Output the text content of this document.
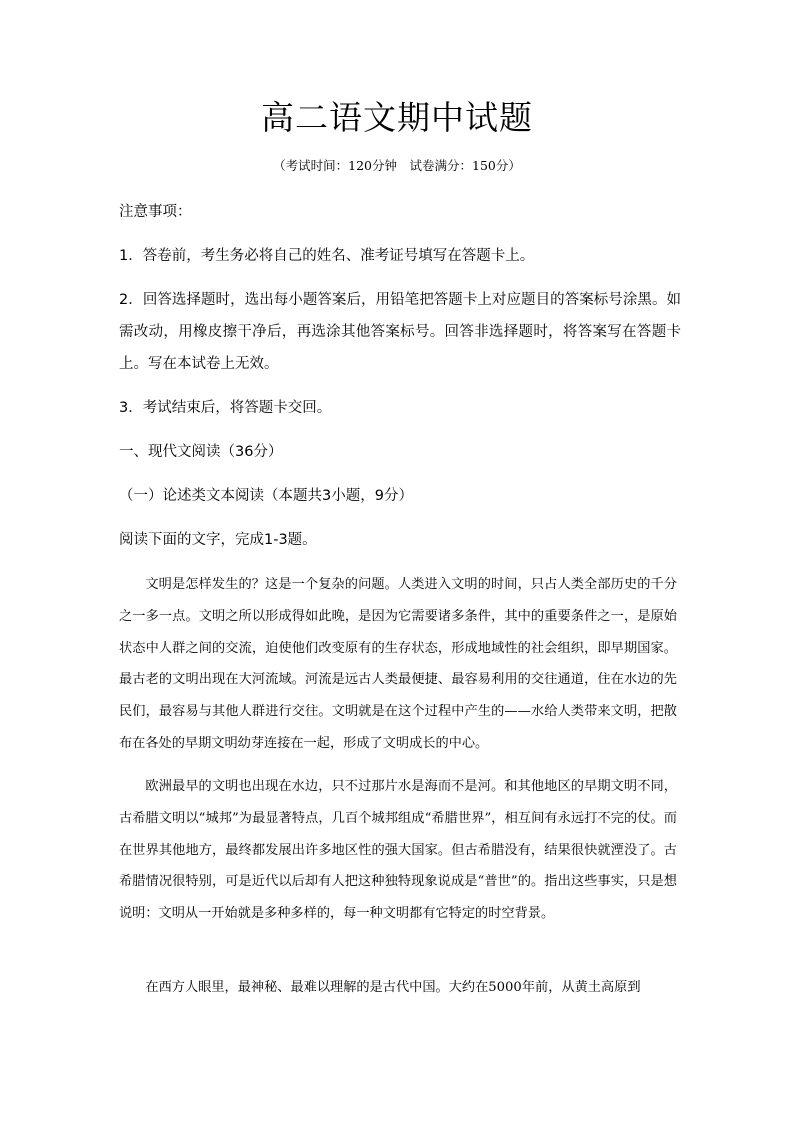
高二语文期中试题
（考试时间：120分钟　试卷满分：150分）
注意事项：
1．答卷前，考生务必将自己的姓名、准考证号填写在答题卡上。
2．回答选择题时，选出每小题答案后，用铅笔把答题卡上对应题目的答案标号涂黑。如需改动，用橡皮擦干净后，再选涂其他答案标号。回答非选择题时，将答案写在答题卡上。写在本试卷上无效。
3．考试结束后，将答题卡交回。
一、现代文阅读（36分）
（一）论述类文本阅读（本题共3小题，9分）
阅读下面的文字，完成1-3题。
文明是怎样发生的？这是一个复杂的问题。人类进入文明的时间，只占人类全部历史的千分之一多一点。文明之所以形成得如此晚，是因为它需要诸多条件，其中的重要条件之一，是原始状态中人群之间的交流，迫使他们改变原有的生存状态，形成地域性的社会组织，即早期国家。最古老的文明出现在大河流域。河流是远古人类最便捷、最容易利用的交往通道，住在水边的先民们，最容易与其他人群进行交往。文明就是在这个过程中产生的——水给人类带来文明，把散布在各处的早期文明幼芽连接在一起，形成了文明成长的中心。
欧洲最早的文明也出现在水边，只不过那片水是海而不是河。和其他地区的早期文明不同，古希腊文明以“城邦”为最显著特点，几百个城邦组成“希腊世界”，相互间有永远打不完的仗。而在世界其他地方，最终都发展出许多地区性的强大国家。但古希腊没有，结果很快就湮没了。古希腊情况很特别，可是近代以后却有人把这种独特现象说成是“普世”的。指出这些事实，只是想说明：文明从一开始就是多种多样的，每一种文明都有它特定的时空背景。
在西方人眼里，最神秘、最难以理解的是古代中国。大约在5000年前，从黄土高原到
